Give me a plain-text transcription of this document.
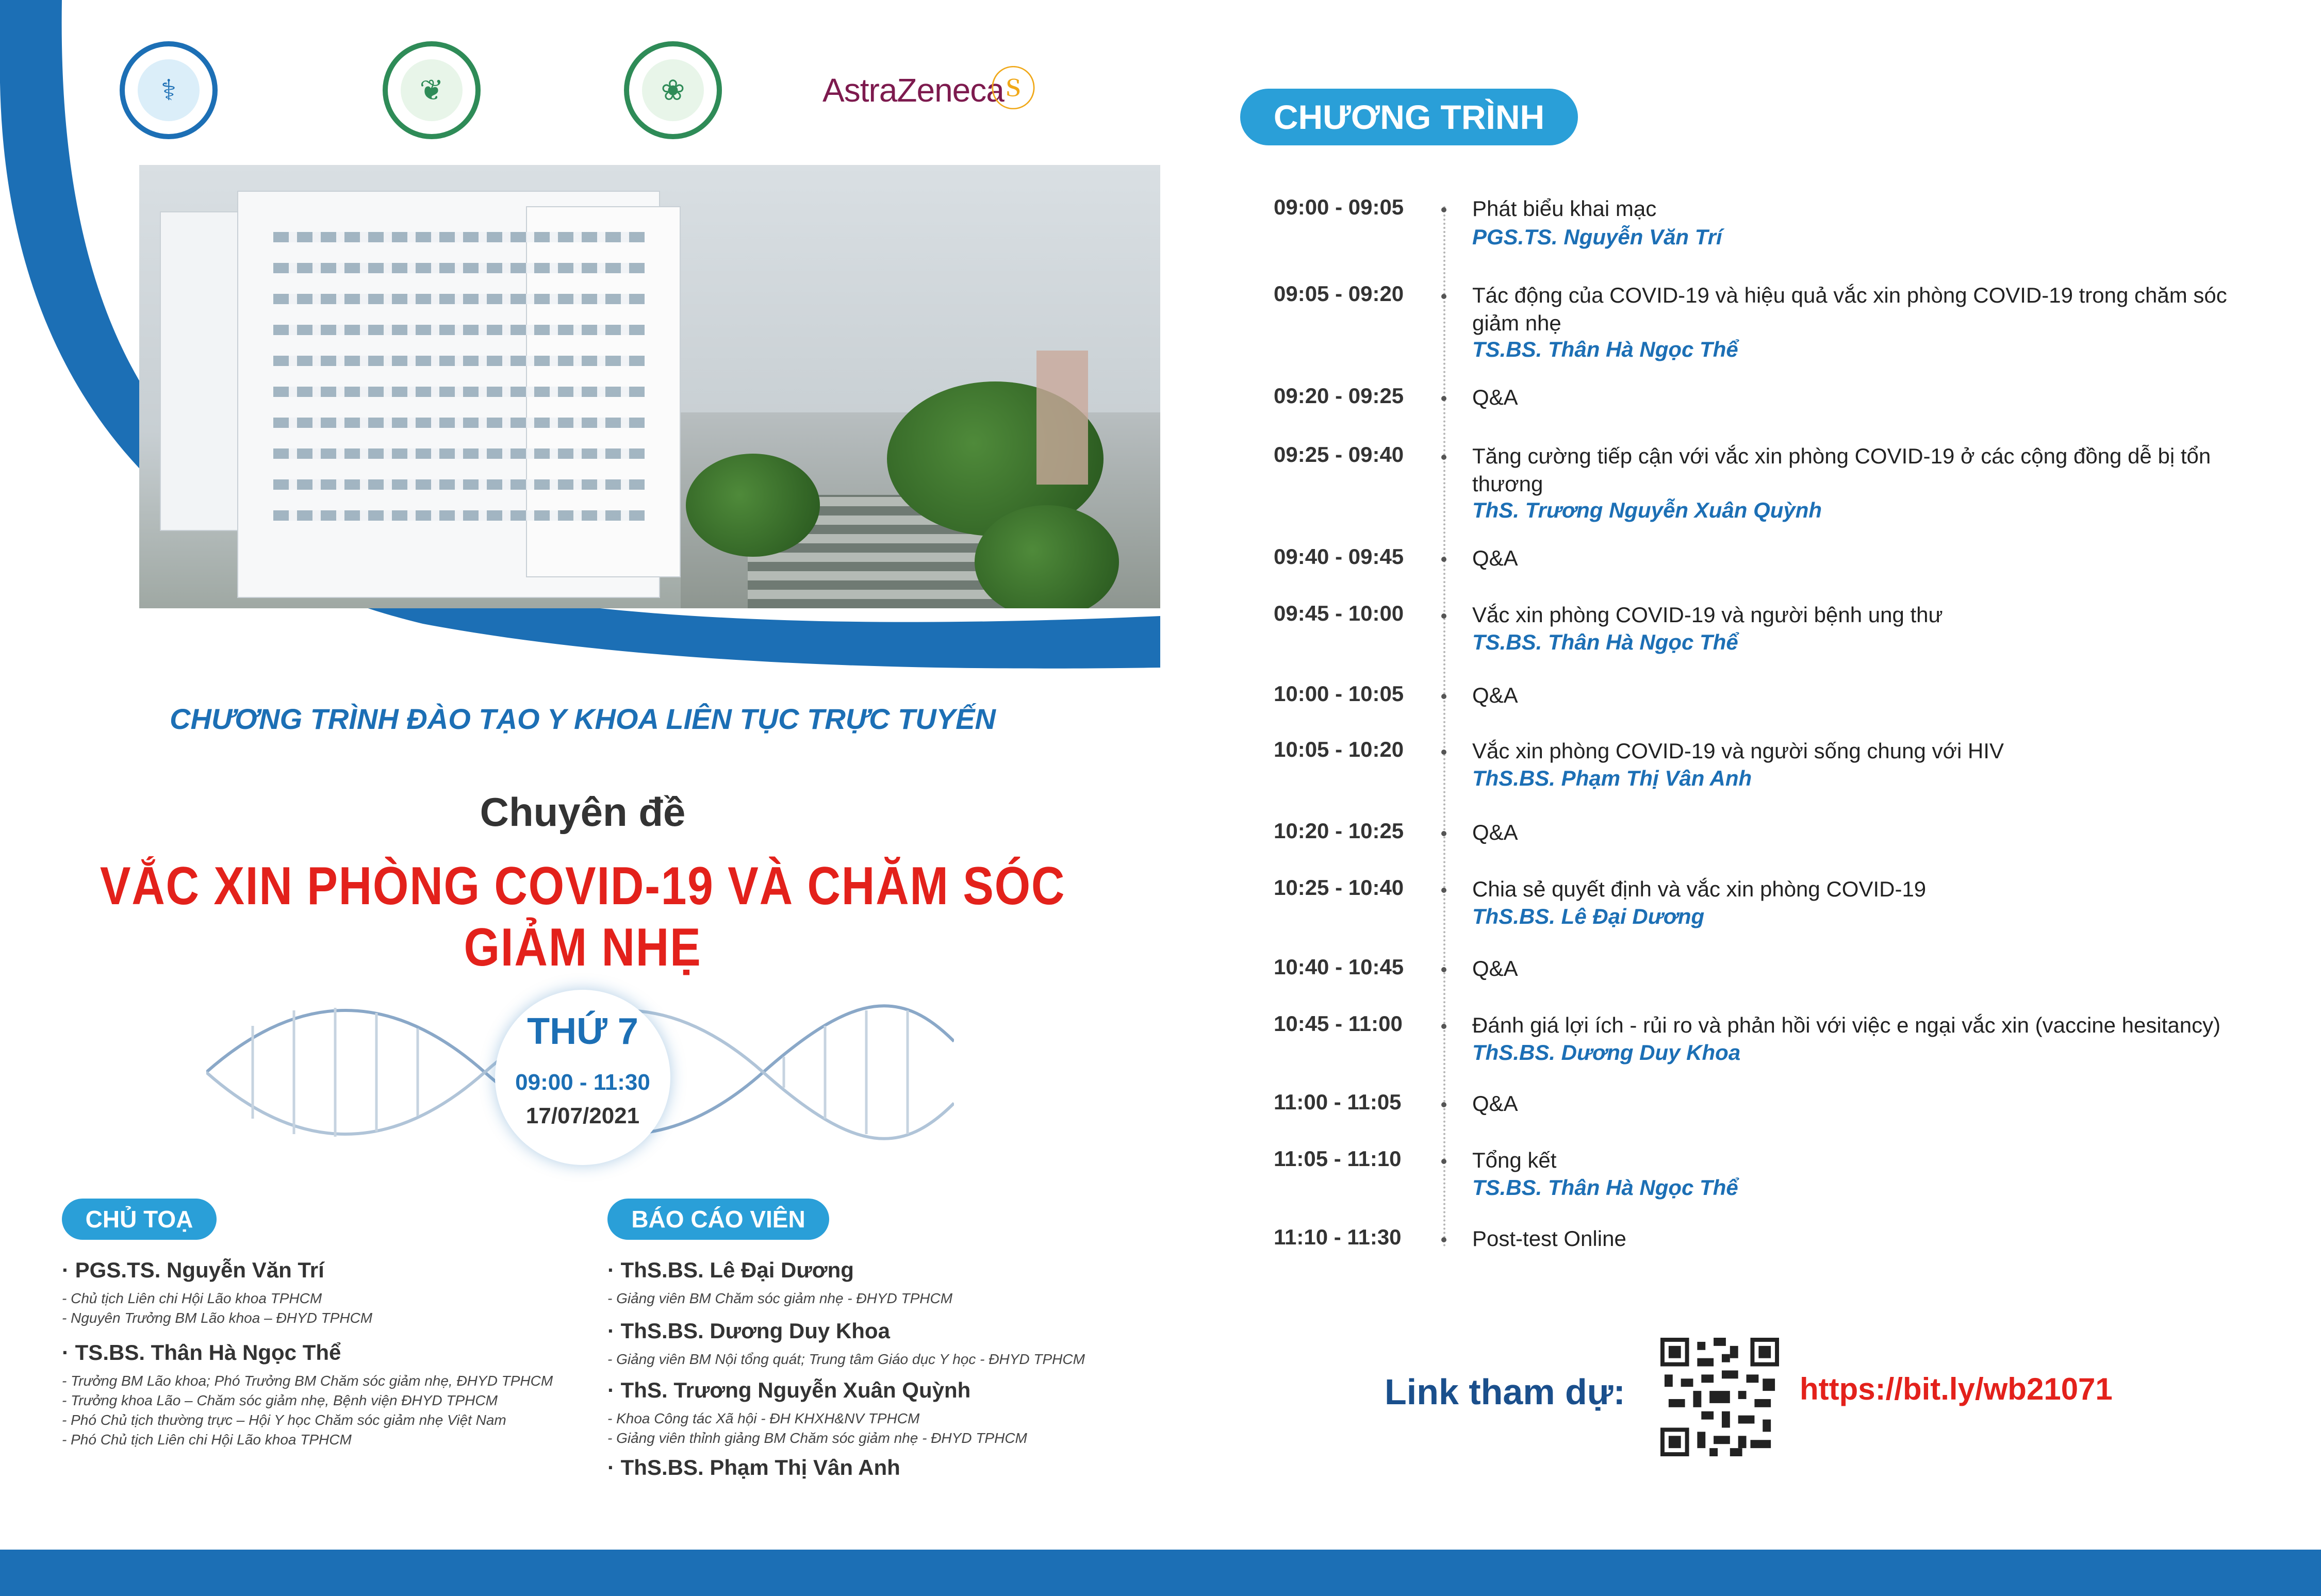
⚕	❦	❀	AstraZeneca
ⓢ
CHƯƠNG TRÌNH ĐÀO TẠO Y KHOA LIÊN TỤC TRỰC TUYẾN
Chuyên đề
VẮC XIN PHÒNG COVID-19 VÀ CHĂM SÓC GIẢM NHẸ
THỨ 7
09:00 - 11:30
17/07/2021
CHỦ TOẠ
· PGS.TS. Nguyễn Văn Trí
- Chủ tịch Liên chi Hội Lão khoa TPHCM
- Nguyên Trưởng BM Lão khoa – ĐHYD TPHCM
· TS.BS. Thân Hà Ngọc Thể
- Trưởng BM Lão khoa; Phó Trưởng BM Chăm sóc giảm nhẹ, ĐHYD TPHCM
- Trưởng khoa Lão – Chăm sóc giảm nhẹ, Bệnh viện ĐHYD TPHCM
- Phó Chủ tịch thường trực – Hội Y học Chăm sóc giảm nhẹ Việt Nam
- Phó Chủ tịch Liên chi Hội Lão khoa TPHCM
BÁO CÁO VIÊN
· ThS.BS. Lê Đại Dương
- Giảng viên BM Chăm sóc giảm nhẹ - ĐHYD TPHCM
· ThS.BS. Dương Duy Khoa
- Giảng viên BM Nội tổng quát; Trung tâm Giáo dục Y học - ĐHYD TPHCM
· ThS. Trương Nguyễn Xuân Quỳnh
- Khoa Công tác Xã hội - ĐH KHXH&NV TPHCM
- Giảng viên thỉnh giảng BM Chăm sóc giảm nhẹ - ĐHYD TPHCM
· ThS.BS. Phạm Thị Vân Anh
CHƯƠNG TRÌNH
09:00 - 09:05	Phát biểu khai mạc
PGS.TS. Nguyễn Văn Trí
09:05 - 09:20	Tác động của COVID-19 và hiệu quả vắc xin phòng COVID-19 trong chăm sóc giảm nhẹ
TS.BS. Thân Hà Ngọc Thể
09:20 - 09:25	Q&A
09:25 - 09:40	Tăng cường tiếp cận với vắc xin phòng COVID-19 ở các cộng đồng dễ bị tổn thương
ThS. Trương Nguyễn Xuân Quỳnh
09:40 - 09:45	Q&A
09:45 - 10:00	Vắc xin phòng COVID-19 và người bệnh ung thư
TS.BS. Thân Hà Ngọc Thể
10:00 - 10:05	Q&A
10:05 - 10:20	Vắc xin phòng COVID-19 và người sống chung với HIV
ThS.BS. Phạm Thị Vân Anh
10:20 - 10:25	Q&A
10:25 - 10:40	Chia sẻ quyết định và vắc xin phòng COVID-19
ThS.BS. Lê Đại Dương
10:40 - 10:45	Q&A
10:45 - 11:00	Đánh giá lợi ích - rủi ro và phản hồi với việc e ngại vắc xin (vaccine hesitancy)
ThS.BS. Dương Duy Khoa
11:00 - 11:05	Q&A
11:05 - 11:10	Tổng kết
TS.BS. Thân Hà Ngọc Thể
11:10 - 11:30	Post-test Online
Link tham dự:	https://bit.ly/wb21071
